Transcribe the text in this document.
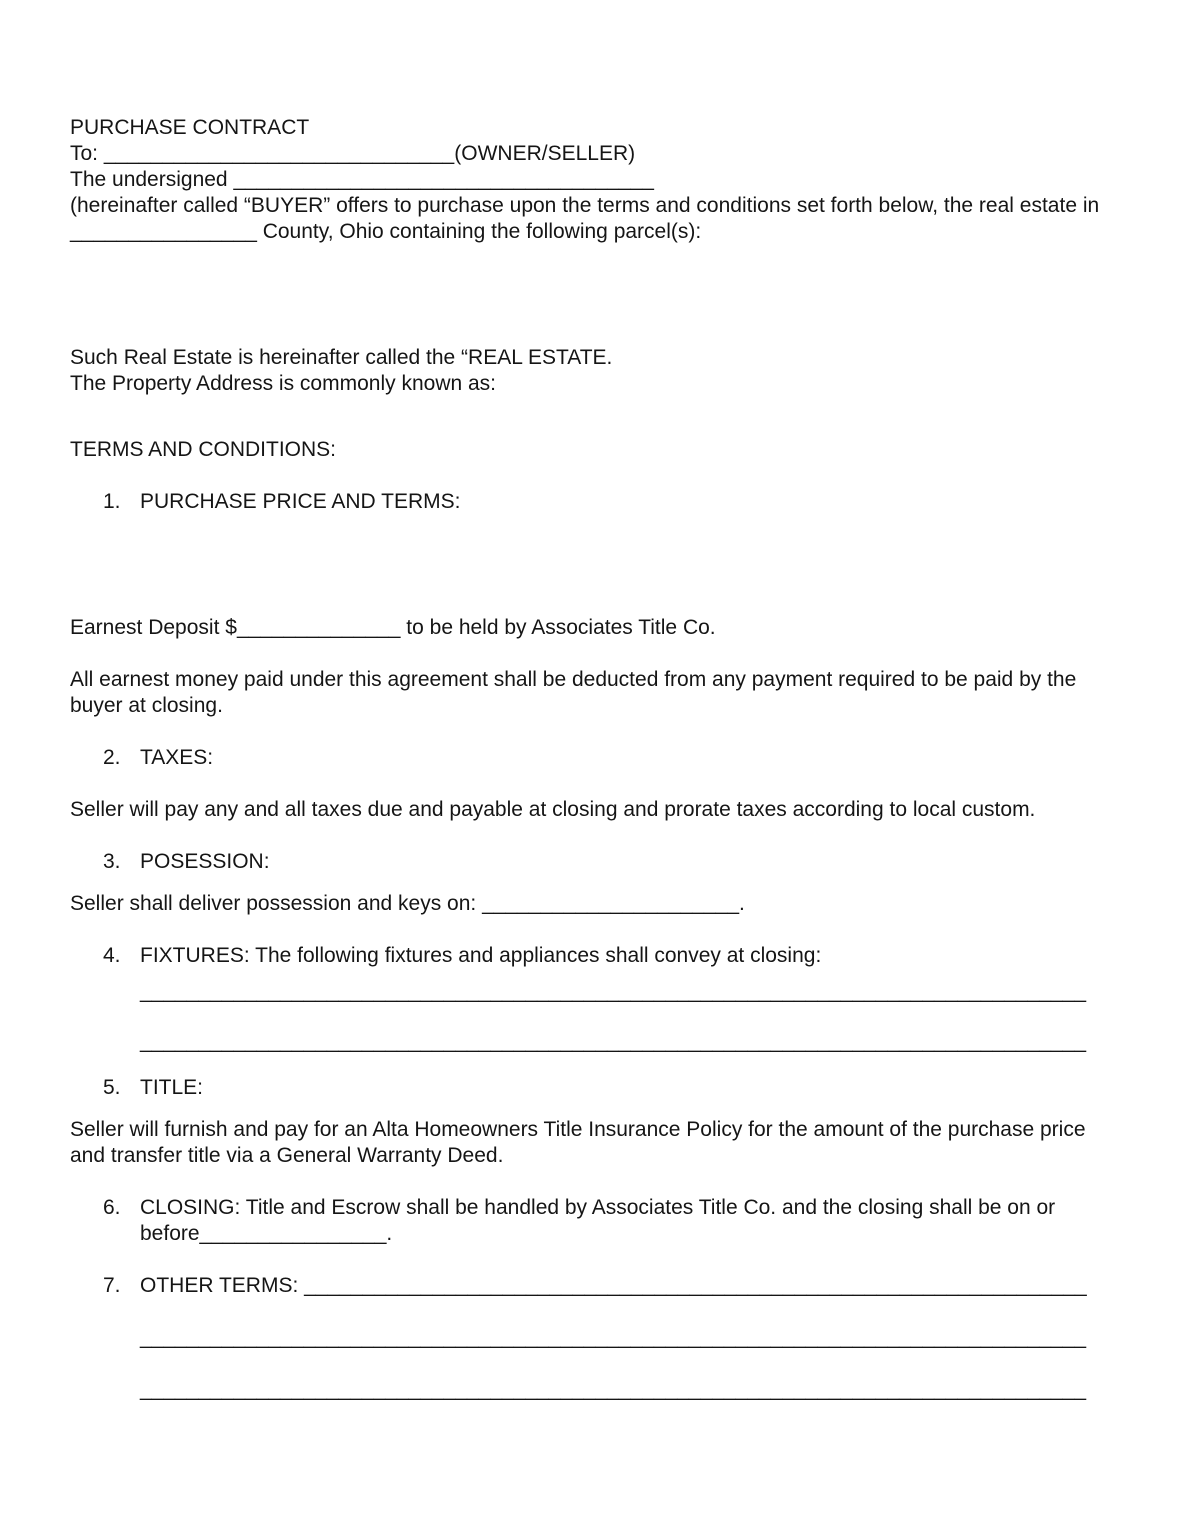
PURCHASE CONTRACT
To: ______________________________(OWNER/SELLER)
The undersigned ____________________________________
(hereinafter called “BUYER” offers to purchase upon the terms and conditions set forth below, the real estate in
________________ County, Ohio containing the following parcel(s):
Such Real Estate is hereinafter called the “REAL ESTATE.
The Property Address is commonly known as:
TERMS AND CONDITIONS:
1. PURCHASE PRICE AND TERMS:
Earnest Deposit $______________ to be held by Associates Title Co.
All earnest money paid under this agreement shall be deducted from any payment required to be paid by the
buyer at closing.
2. TAXES:
Seller will pay any and all taxes due and payable at closing and prorate taxes according to local custom.
3. POSESSION:
Seller shall deliver possession and keys on: ______________________.
4. FIXTURES: The following fixtures and appliances shall convey at closing:
_________________________________________________________________________________
_________________________________________________________________________________
5. TITLE:
Seller will furnish and pay for an Alta Homeowners Title Insurance Policy for the amount of the purchase price
and transfer title via a General Warranty Deed.
6. CLOSING: Title and Escrow shall be handled by Associates Title Co. and the closing shall be on or
before________________.
7. OTHER TERMS: ___________________________________________________________________
_________________________________________________________________________________
_________________________________________________________________________________
